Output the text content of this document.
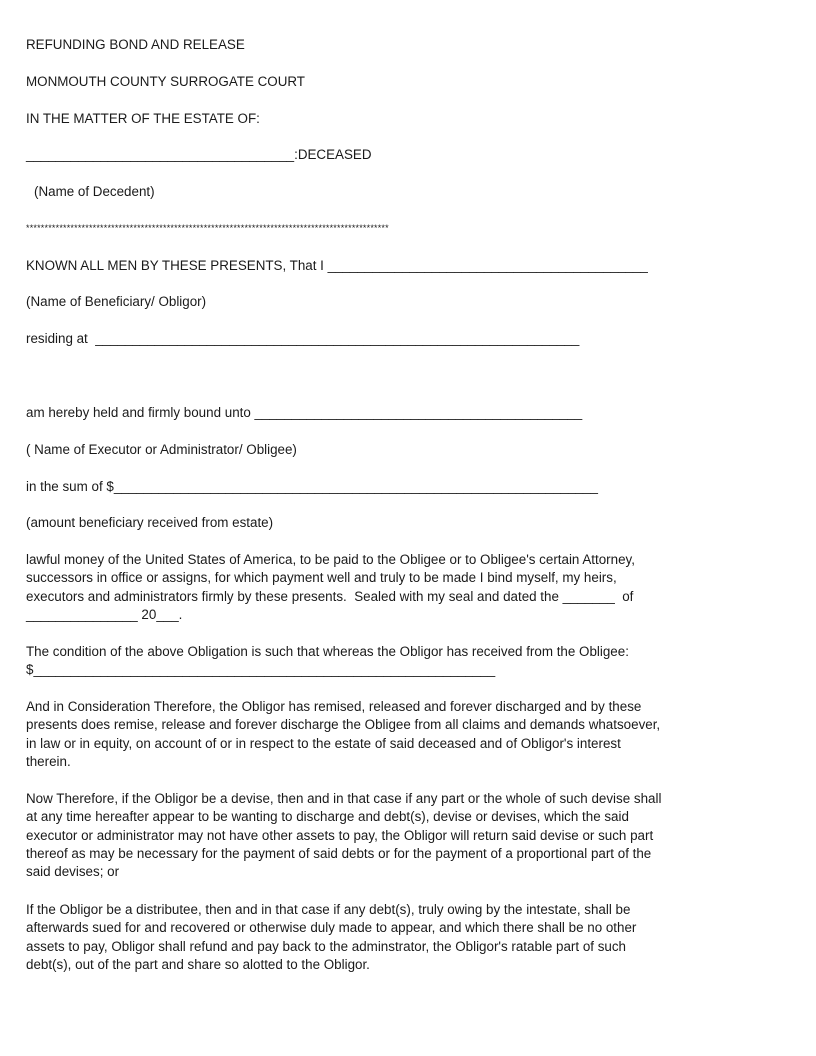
REFUNDING BOND AND RELEASE
MONMOUTH COUNTY SURROGATE COURT
IN THE MATTER OF THE ESTATE OF:
____________________________________:DECEASED
(Name of Decedent)
**************************************************************************************************
KNOWN ALL MEN BY THESE PRESENTS, That I ___________________________________________
(Name of Beneficiary/ Obligor)
residing at  _________________________________________________________________
am hereby held and firmly bound unto ____________________________________________
( Name of Executor or Administrator/ Obligee)
in the sum of $_________________________________________________________________
(amount beneficiary received from estate)
lawful money of the United States of America, to be paid to the Obligee or to Obligee's certain Attorney,
successors in office or assigns, for which payment well and truly to be made I bind myself, my heirs,
executors and administrators firmly by these presents.  Sealed with my seal and dated the _______  of
_______________ 20___.
The condition of the above Obligation is such that whereas the Obligor has received from the Obligee:
$______________________________________________________________
And in Consideration Therefore, the Obligor has remised, released and forever discharged and by these
presents does remise, release and forever discharge the Obligee from all claims and demands whatsoever,
in law or in equity, on account of or in respect to the estate of said deceased and of Obligor's interest
therein.
Now Therefore, if the Obligor be a devise, then and in that case if any part or the whole of such devise shall
at any time hereafter appear to be wanting to discharge and debt(s), devise or devises, which the said
executor or administrator may not have other assets to pay, the Obligor will return said devise or such part
thereof as may be necessary for the payment of said debts or for the payment of a proportional part of the
said devises; or
If the Obligor be a distributee, then and in that case if any debt(s), truly owing by the intestate, shall be
afterwards sued for and recovered or otherwise duly made to appear, and which there shall be no other
assets to pay, Obligor shall refund and pay back to the adminstrator, the Obligor's ratable part of such
debt(s), out of the part and share so alotted to the Obligor.
